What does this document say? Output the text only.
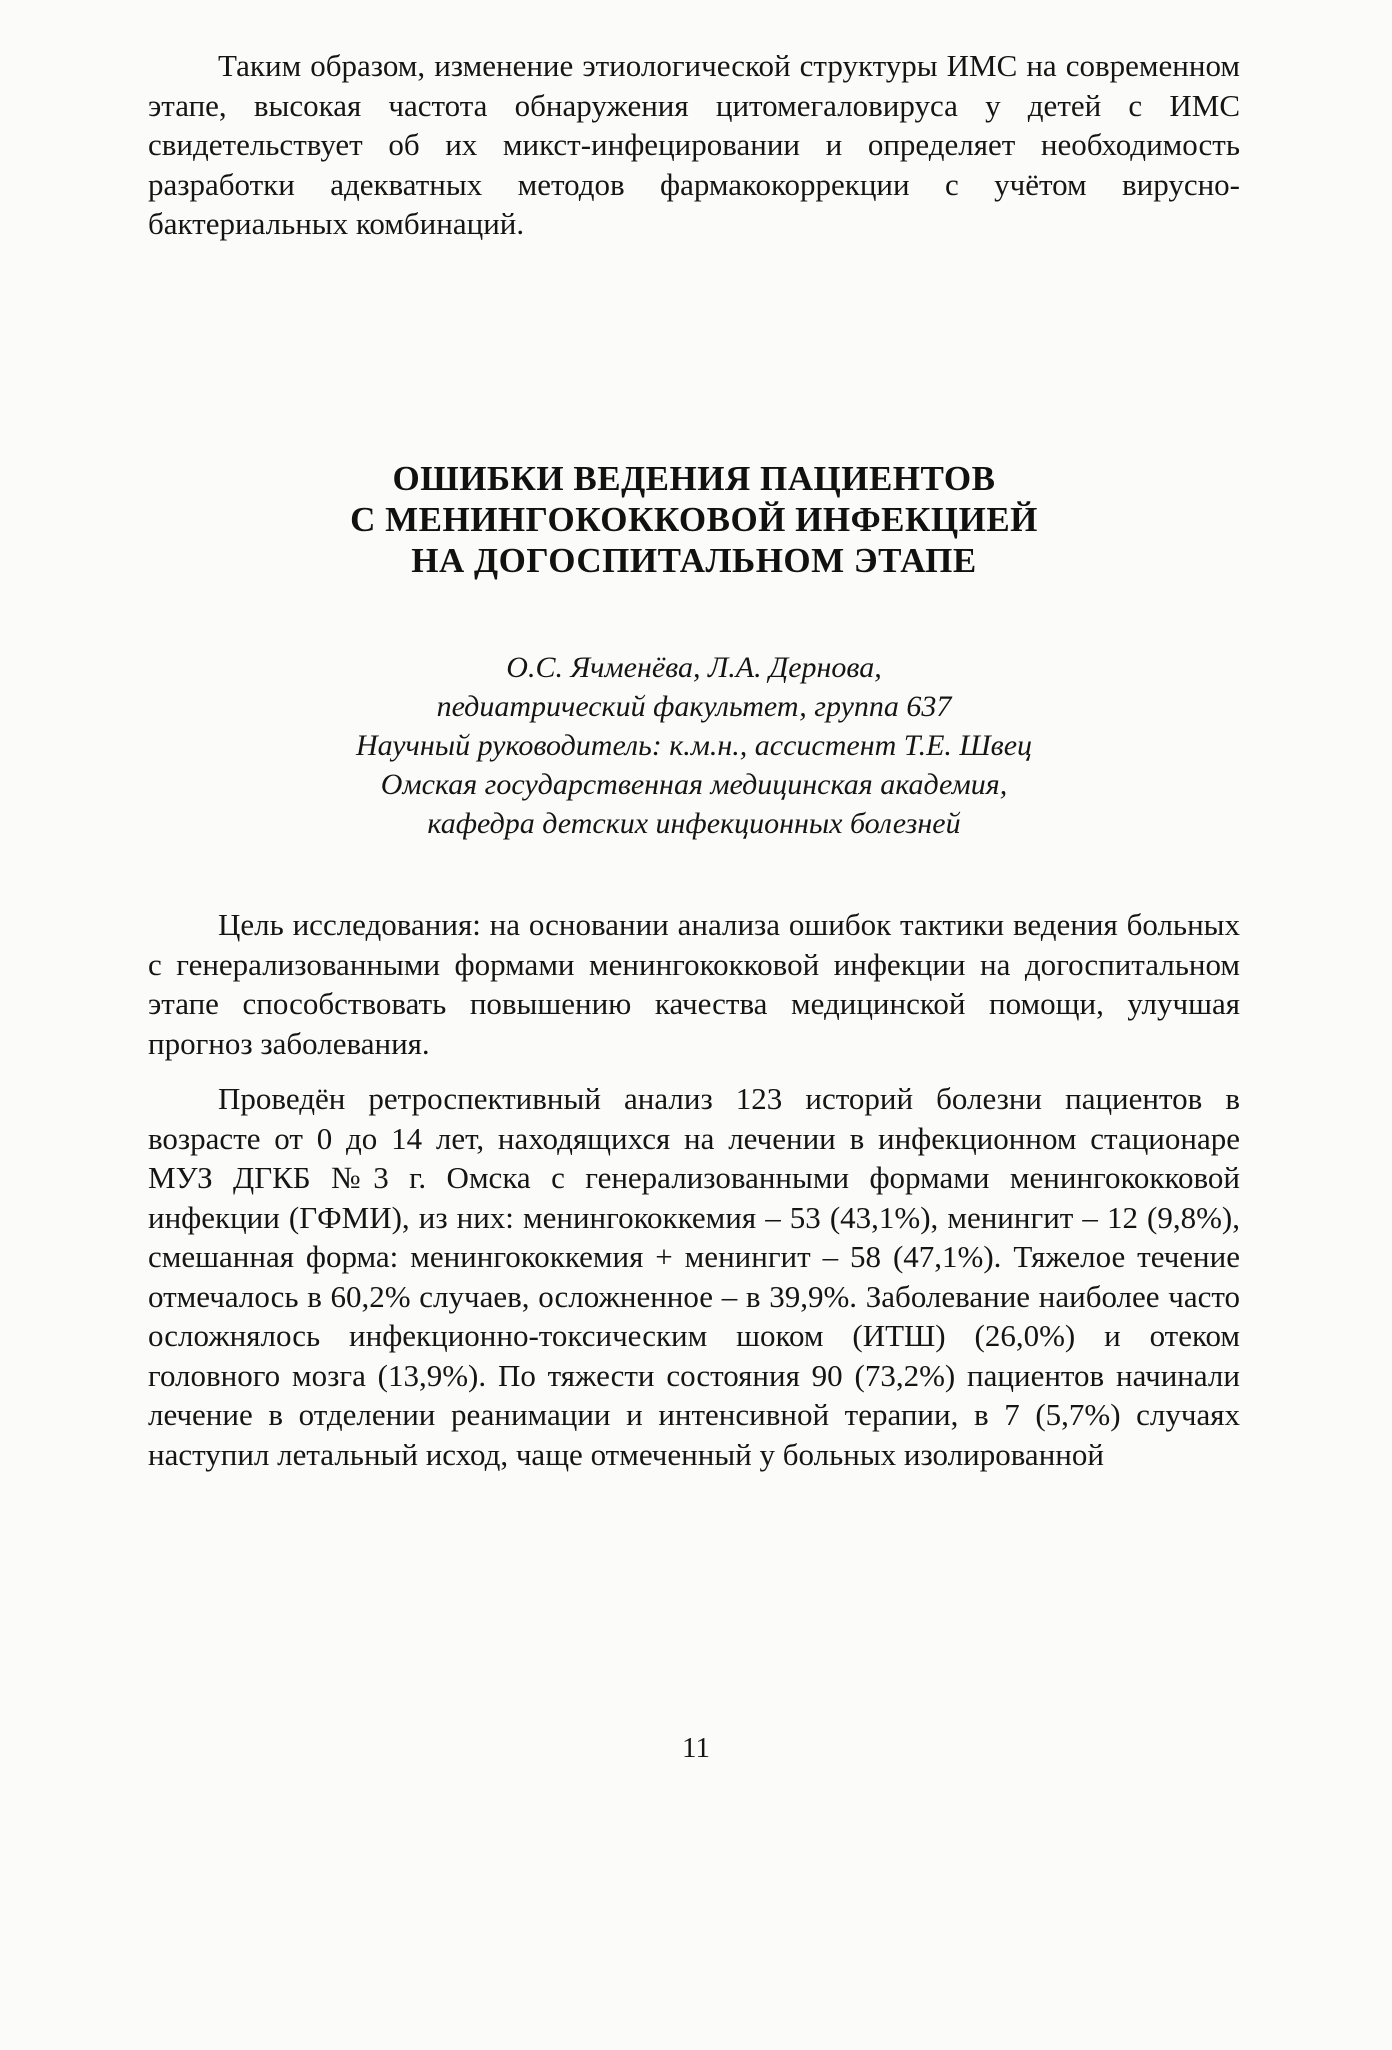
Таким образом, изменение этиологической структуры ИМС на современном этапе, высокая частота обнаружения цитомегаловируса у детей с ИМС свидетельствует об их микст-инфецировании и определяет необходимость разработки адекватных методов фармакокоррекции с учётом вирусно-бактериальных комбинаций.

ОШИБКИ ВЕДЕНИЯ ПАЦИЕНТОВ
С МЕНИНГОКОККОВОЙ ИНФЕКЦИЕЙ
НА ДОГОСПИТАЛЬНОМ ЭТАПЕ
О.С. Ячменёва, Л.А. Дернова,
педиатрический факультет, группа 637
Научный руководитель: к.м.н., ассистент Т.Е. Швец
Омская государственная медицинская академия,
кафедра детских инфекционных болезней

Цель исследования: на основании анализа ошибок тактики ведения больных с генерализованными формами менингококковой инфекции на догоспитальном этапе способствовать повышению качества медицинской помощи, улучшая прогноз заболевания.

Проведён ретроспективный анализ 123 историй болезни пациентов в возрасте от 0 до 14 лет, находящихся на лечении в инфекционном стационаре МУЗ ДГКБ №3 г. Омска с генерализованными формами менингококковой инфекции (ГФМИ), из них: менингококкемия – 53 (43,1%), менингит – 12 (9,8%), смешанная форма: менингококкемия + менингит – 58 (47,1%). Тяжелое течение отмечалось в 60,2% случаев, осложненное – в 39,9%. Заболевание наиболее часто осложнялось инфекционно-токсическим шоком (ИТШ) (26,0%) и отеком головного мозга (13,9%). По тяжести состояния 90 (73,2%) пациентов начинали лечение в отделении реанимации и интенсивной терапии, в 7 (5,7%) случаях наступил летальный исход, чаще отмеченный у больных изолированной

11
